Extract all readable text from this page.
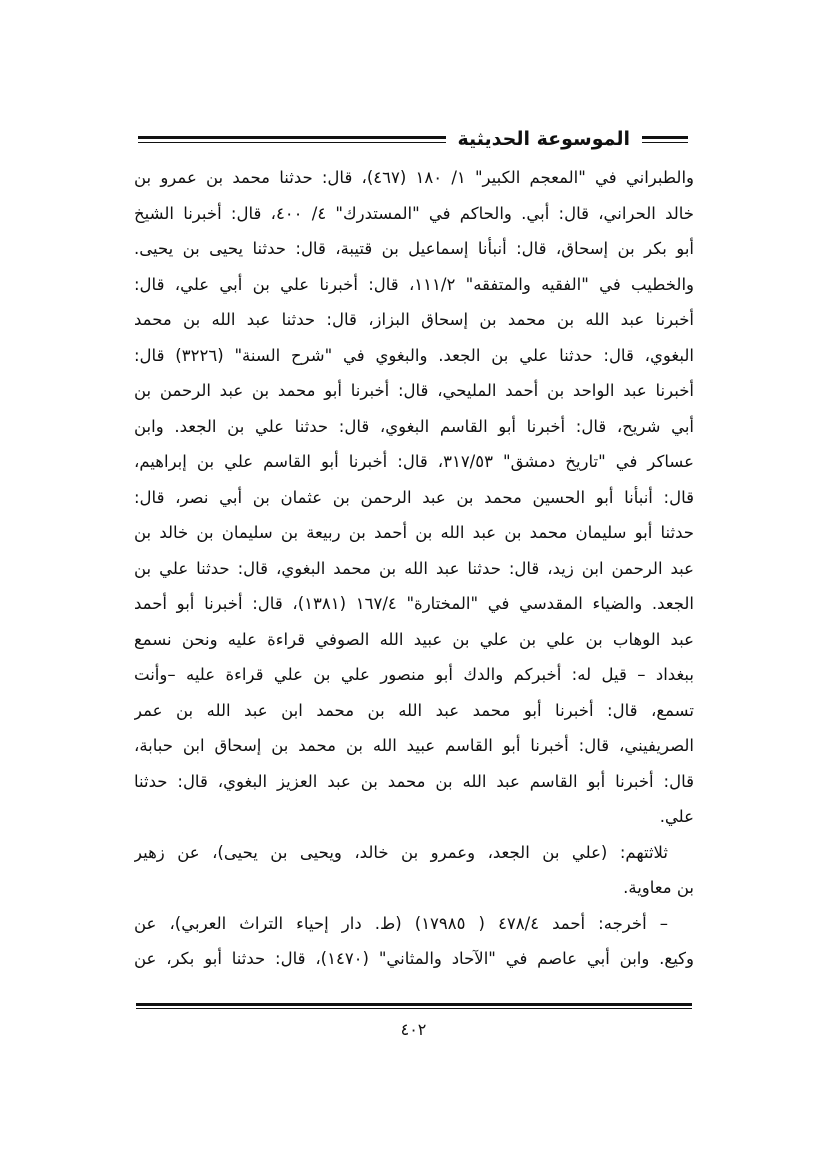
الموسوعة الحديثية
والطبراني في "المعجم الكبير" ١/ ١٨٠ (٤٦٧)، قال: حدثنا محمد بن عمرو بن
خالد الحراني، قال: أبي. والحاكم في "المستدرك" ٤/ ٤٠٠، قال: أخبرنا الشيخ
أبو بكر بن إسحاق، قال: أنبأنا إسماعيل بن قتيبة، قال: حدثنا يحيى بن يحيى.
والخطيب في "الفقيه والمتفقه" ١١١/٢، قال: أخبرنا علي بن أبي علي، قال:
أخبرنا عبد الله بن محمد بن إسحاق البزاز، قال: حدثنا عبد الله بن محمد
البغوي، قال: حدثنا علي بن الجعد. والبغوي في "شرح السنة" (٣٢٢٦) قال:
أخبرنا عبد الواحد بن أحمد المليحي، قال: أخبرنا أبو محمد بن عبد الرحمن بن
أبي شريح، قال: أخبرنا أبو القاسم البغوي، قال: حدثنا علي بن الجعد. وابن
عساكر في "تاريخ دمشق" ٣١٧/٥٣، قال: أخبرنا أبو القاسم علي بن إبراهيم،
قال: أنبأنا أبو الحسين محمد بن عبد الرحمن بن عثمان بن أبي نصر، قال:
حدثنا أبو سليمان محمد بن عبد الله بن أحمد بن ربيعة بن سليمان بن خالد بن
عبد الرحمن ابن زيد، قال: حدثنا عبد الله بن محمد البغوي، قال: حدثنا علي بن
الجعد. والضياء المقدسي في "المختارة" ١٦٧/٤ (١٣٨١)، قال: أخبرنا أبو أحمد
عبد الوهاب بن علي بن علي بن عبيد الله الصوفي قراءة عليه ونحن نسمع
ببغداد – قيل له: أخبركم والدك أبو منصور علي بن علي قراءة عليه –وأنت
تسمع، قال: أخبرنا أبو محمد عبد الله بن محمد ابن عبد الله بن عمر
الصريفيني، قال: أخبرنا أبو القاسم عبيد الله بن محمد بن إسحاق ابن حبابة،
قال: أخبرنا أبو القاسم عبد الله بن محمد بن عبد العزيز البغوي، قال: حدثنا
علي.
ثلاثتهم: (علي بن الجعد، وعمرو بن خالد، ويحيى بن يحيى)، عن زهير
بن معاوية.
– أخرجه: أحمد ٤٧٨/٤ ( ١٧٩٨٥) (ط. دار إحياء التراث العربي)، عن
وكيع. وابن أبي عاصم في "الآحاد والمثاني" (١٤٧٠)، قال: حدثنا أبو بكر، عن
٤٠٢
